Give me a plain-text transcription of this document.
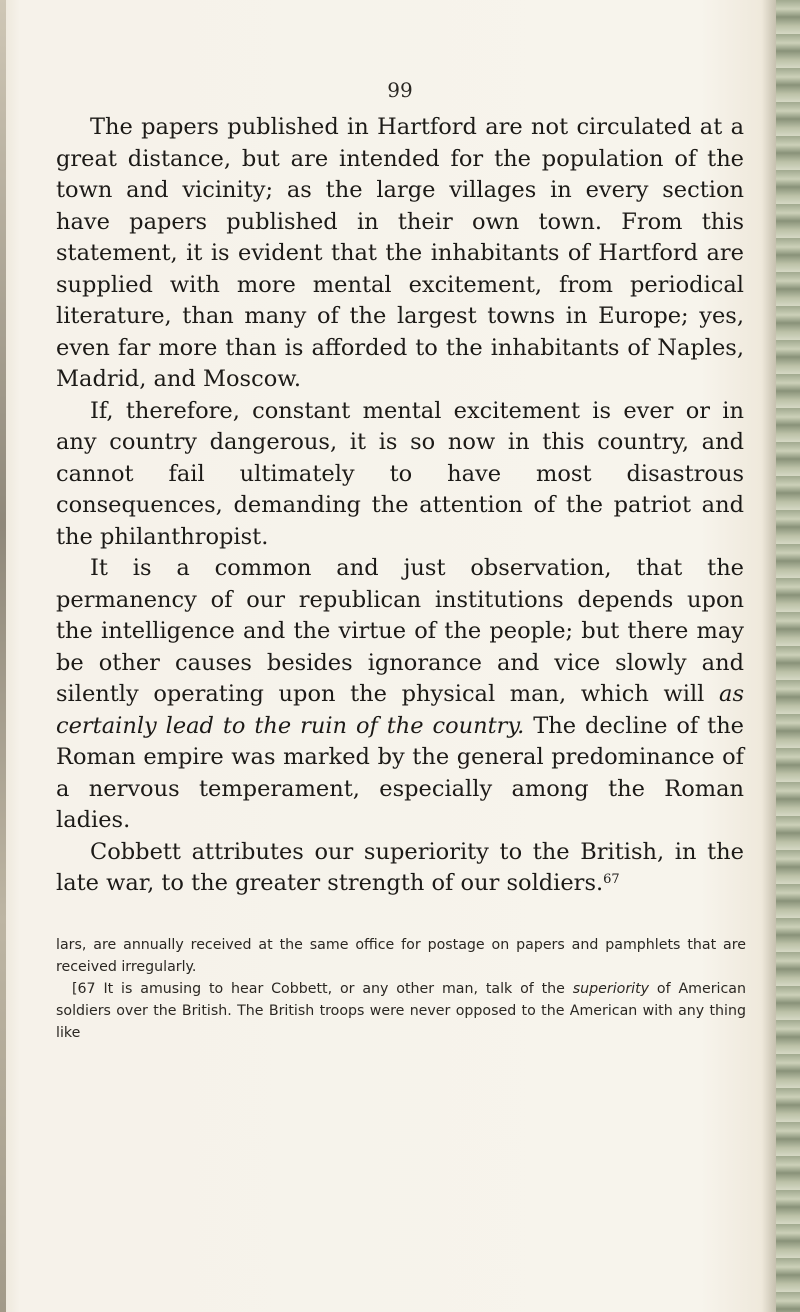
99

The papers published in Hartford are not circulated at a great distance, but are intended for the population of the town and vicinity; as the large villages in every section have papers published in their own town. From this statement, it is evident that the inhabitants of Hartford are supplied with more mental excitement, from periodical literature, than many of the largest towns in Europe; yes, even far more than is afforded to the inhabitants of Naples, Madrid, and Moscow.

If, therefore, constant mental excitement is ever or in any country dangerous, it is so now in this country, and cannot fail ultimately to have most disastrous consequences, demanding the attention of the patriot and the philanthropist.

It is a common and just observation, that the permanency of our republican institutions depends upon the intelligence and the virtue of the people; but there may be other causes besides ignorance and vice slowly and silently operating upon the physical man, which will as certainly lead to the ruin of the country. The decline of the Roman empire was marked by the general predominance of a nervous temperament, especially among the Roman ladies.

Cobbett attributes our superiority to the British, in the late war, to the greater strength of our soldiers.$^{67}$

lars, are annually received at the same office for postage on papers and pamphlets that are received irregularly.

[67 It is amusing to hear Cobbett, or any other man, talk of the superiority of American soldiers over the British. The British troops were never opposed to the American with any thing like
